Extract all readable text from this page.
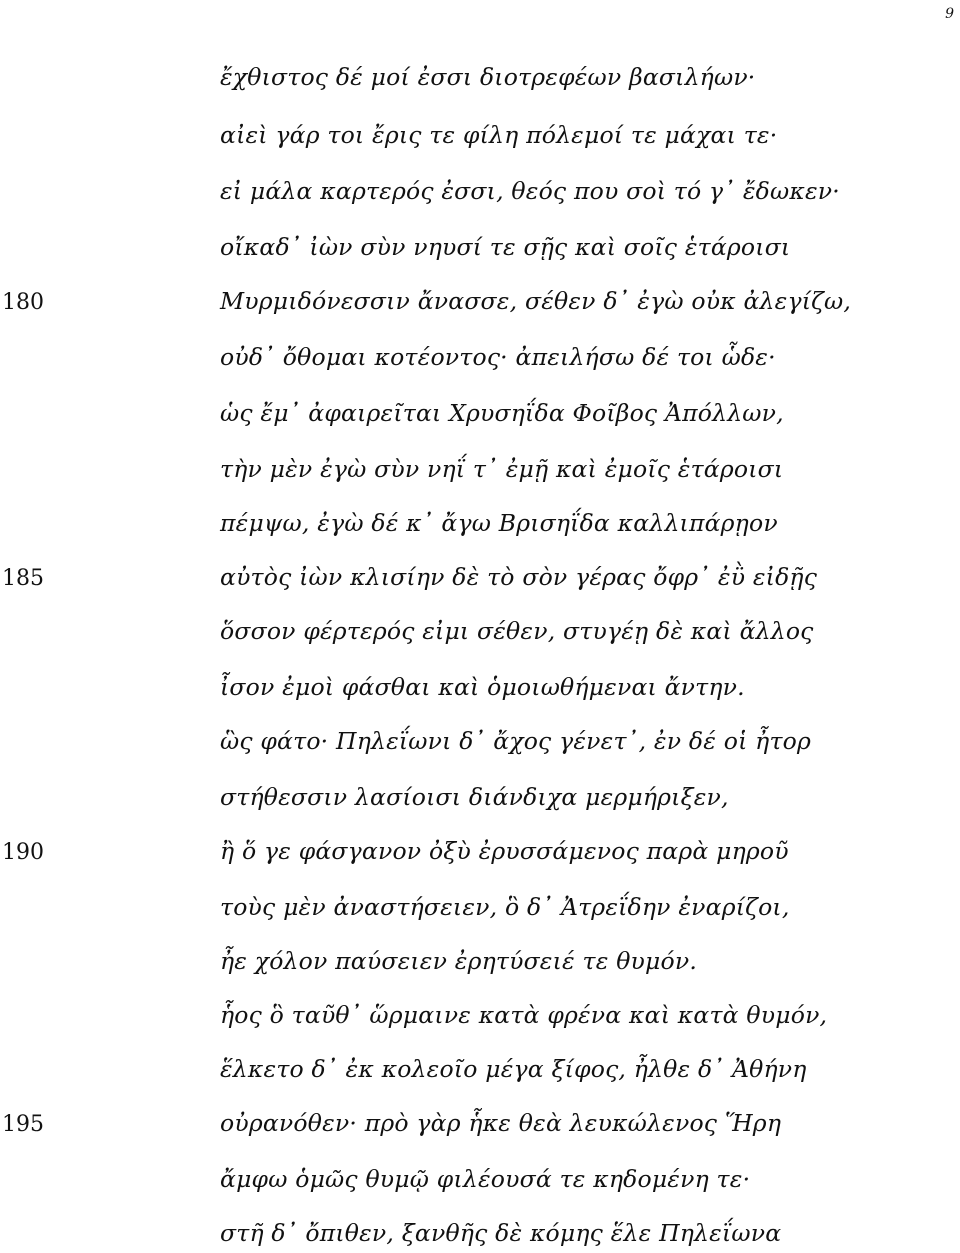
9
ἔχθιστος δέ μοί ἐσσι διοτρεφέων βασιλήων·
αἰεὶ γάρ τοι ἔρις τε φίλη πόλεμοί τε μάχαι τε·
εἰ μάλα καρτερός ἐσσι, θεός που σοὶ τό γ᾽ ἔδωκεν·
οἴκαδ᾽ ἰὼν σὺν νηυσί τε σῇς καὶ σοῖς ἑτάροισι
Μυρμιδόνεσσιν ἄνασσε, σέθεν δ᾽ ἐγὼ οὐκ ἀλεγίζω,
οὐδ᾽ ὄθομαι κοτέοντος· ἀπειλήσω δέ τοι ὧδε·
ὡς ἔμ᾽ ἀφαιρεῖται Χρυσηΐδα Φοῖβος Ἀπόλλων,
τὴν μὲν ἐγὼ σὺν νηΐ τ᾽ ἐμῇ καὶ ἐμοῖς ἑτάροισι
πέμψω, ἐγὼ δέ κ᾽ ἄγω Βρισηΐδα καλλιπάρῃον
αὐτὸς ἰὼν κλισίην δὲ τὸ σὸν γέρας ὄφρ᾽ ἐῢ εἰδῇς
ὅσσον φέρτερός εἰμι σέθεν, στυγέῃ δὲ καὶ ἄλλος
ἶσον ἐμοὶ φάσθαι καὶ ὁμοιωθήμεναι ἄντην.
ὣς φάτο· Πηλεΐωνι δ᾽ ἄχος γένετ᾽, ἐν δέ οἱ ἦτορ
στήθεσσιν λασίοισι διάνδιχα μερμήριξεν,
ἢ ὅ γε φάσγανον ὀξὺ ἐρυσσάμενος παρὰ μηροῦ
τοὺς μὲν ἀναστήσειεν, ὃ δ᾽ Ἀτρεΐδην ἐναρίζοι,
ἦε χόλον παύσειεν ἐρητύσειέ τε θυμόν.
ἧος ὃ ταῦθ᾽ ὥρμαινε κατὰ φρένα καὶ κατὰ θυμόν,
ἕλκετο δ᾽ ἐκ κολεοῖο μέγα ξίφος, ἦλθε δ᾽ Ἀθήνη
οὐρανόθεν· πρὸ γὰρ ἧκε θεὰ λευκώλενος Ἥρη
ἄμφω ὁμῶς θυμῷ φιλέουσά τε κηδομένη τε·
στῆ δ᾽ ὄπιθεν, ξανθῆς δὲ κόμης ἕλε Πηλεΐωνα
180
185
190
195
